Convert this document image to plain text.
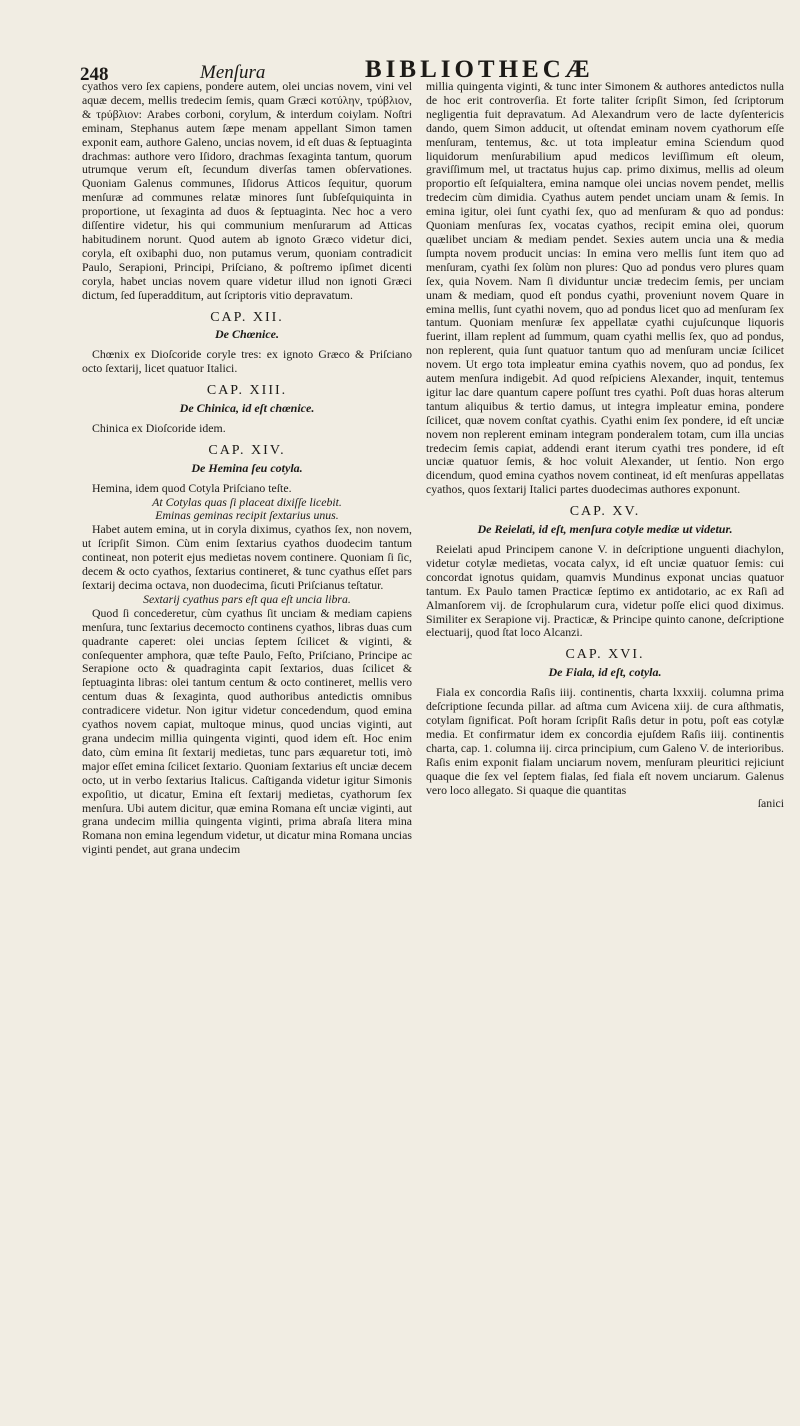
248	Menſura	BIBLIOTHECÆ

cyathos vero ſex capiens, pondere autem, olei uncias novem, vini vel aquæ decem, mellis tredecim ſemis, quam Græci κοτύλην, τρύβλιον, & τρύβλιον: Arabes corboni, corylum, & interdum coiylam. Noſtri eminam, Stephanus autem ſæpe menam appellant Simon tamen exponit eam, authore Galeno, uncias novem, id eſt duas & ſeptuaginta drachmas: authore vero Iſidoro, drachmas ſexaginta tantum, quorum utrumque verum eſt, ſecundum diverſas tamen obſervationes. Quoniam Galenus communes, Iſidorus Atticos ſequitur, quorum menſuræ ad communes relatæ minores ſunt ſubſeſquiquinta in proportione, ut ſexaginta ad duos & ſeptuaginta. Nec hoc a vero diſſentire videtur, his qui communium menſurarum ad Atticas habitudinem norunt. Quod autem ab ignoto Græco videtur dici, coryla, eſt oxibaphi duo, non putamus verum, quoniam contradicit Paulo, Serapioni, Principi, Priſciano, & poſtremo ipſimet dicenti coryla, habet uncias novem quare videtur illud non ignoti Græci dictum, ſed ſuperadditum, aut ſcriptoris vitio depravatum.

CAP. XII.
De Chœnice.

Chœnix ex Dioſcoride coryle tres: ex ignoto Græco & Priſciano octo ſextarij, licet quatuor Italici.

CAP. XIII.
De Chinica, id eſt chœnice.

Chinica ex Dioſcoride idem.

CAP. XIV.
De Hemina ſeu cotyla.

Hemina, idem quod Cotyla Priſciano teſte.

At Cotylas quas ſi placeat dixiſſe licebit.
Eminas geminas recipit ſextarius unus.

Habet autem emina, ut in coryla diximus, cyathos ſex, non novem, ut ſcripſit Simon. Cùm enim ſextarius cyathos duodecim tantum contineat, non poterit ejus medietas novem continere. Quoniam ſi ſic, decem & octo cyathos, ſextarius contineret, & tunc cyathus eſſet pars ſextarij decima octava, non duodecima, ſicuti Priſcianus teſtatur.

Sextarij cyathus pars eſt qua eſt uncia libra.

Quod ſi concederetur, cùm cyathus ſit unciam & mediam capiens menſura, tunc ſextarius decemocto continens cyathos, libras duas cum quadrante caperet: olei uncias ſeptem ſcilicet & viginti, & conſequenter amphora, quæ teſte Paulo, Feſto, Priſciano, Principe ac Serapione octo & quadraginta capit ſextarios, duas ſcilicet & ſeptuaginta libras: olei tantum centum & octo contineret, mellis vero centum duas & ſexaginta, quod authoribus antedictis omnibus contradicere videtur. Non igitur videtur concedendum, quod emina cyathos novem capiat, multoque minus, quod uncias viginti, aut grana undecim millia quingenta viginti, quod idem eſt. Hoc enim dato, cùm emina ſit ſextarij medietas, tunc pars æquaretur toti, imò major eſſet emina ſcilicet ſextario. Quoniam ſextarius eſt unciæ decem octo, ut in verbo ſextarius Italicus. Caſtiganda videtur igitur Simonis expoſitio, ut dicatur, Emina eſt ſextarij medietas, cyathorum ſex menſura. Ubi autem dicitur, quæ emina Romana eſt unciæ viginti, aut grana undecim millia quingenta viginti, prima abraſa litera mina Romana non emina legendum videtur, ut dicatur mina Romana uncias viginti pendet, aut grana undecim

millia quingenta viginti, & tunc inter Simonem & authores antedictos nulla de hoc erit controverſia. Et forte taliter ſcripſit Simon, ſed ſcriptorum negligentia fuit depravatum. Ad Alexandrum vero de lacte dyſentericis dando, quem Simon adducit, ut oſtendat eminam novem cyathorum eſſe menſuram, tentemus, &c. ut tota impleatur emina Sciendum quod liquidorum menſurabilium apud medicos leviſſimum eſt oleum, graviſſimum mel, ut tractatus hujus cap. primo diximus, mellis ad oleum proportio eſt ſeſquialtera, emina namque olei uncias novem pendet, mellis tredecim cùm dimidia. Cyathus autem pendet unciam unam & ſemis. In emina igitur, olei ſunt cyathi ſex, quo ad menſuram & quo ad pondus: Quoniam menſuras ſex, vocatas cyathos, recipit emina olei, quorum quælibet unciam & mediam pendet. Sexies autem uncia una & media ſumpta novem producit uncias: In emina vero mellis ſunt item quo ad menſuram, cyathi ſex ſolùm non plures: Quo ad pondus vero plures quam ſex, quia Novem. Nam ſi dividuntur unciæ tredecim ſemis, per unciam unam & mediam, quod eſt pondus cyathi, proveniunt novem Quare in emina mellis, ſunt cyathi novem, quo ad pondus licet quo ad menſuram ſex tantum. Quoniam menſuræ ſex appellatæ cyathi cujuſcunque liquoris fuerint, illam replent ad ſummum, quam cyathi mellis ſex, quo ad pondus, non replerent, quia ſunt quatuor tantum quo ad menſuram unciæ ſcilicet novem. Ut ergo tota impleatur emina cyathis novem, quo ad pondus, ſex autem menſura indigebit. Ad quod reſpiciens Alexander, inquit, tentemus igitur lac dare quantum capere poſſunt tres cyathi. Poſt duas horas alterum tantum aliquibus & tertio damus, ut integra impleatur emina, pondere ſcilicet, quæ novem conſtat cyathis. Cyathi enim ſex pondere, id eſt unciæ novem non replerent eminam integram ponderalem totam, cum illa uncias tredecim ſemis capiat, addendi erant iterum cyathi tres pondere, id eſt unciæ quatuor ſemis, & hoc voluit Alexander, ut ſentio. Non ergo dicendum, quod emina cyathos novem contineat, id eſt menſuras appellatas cyathos, quos ſextarij Italici partes duodecimas authores exponunt.

CAP. XV.
De Reielati, id eſt, menſura cotyle mediæ ut videtur.

Reielati apud Principem canone V. in deſcriptione unguenti diachylon, videtur cotylæ medietas, vocata calyx, id eſt unciæ quatuor ſemis: cui concordat ignotus quidam, quamvis Mundinus exponat uncias quatuor tantum. Ex Paulo tamen Practicæ ſeptimo ex antidotario, ac ex Raſi ad Almanſorem vij. de ſcrophularum cura, videtur poſſe elici quod diximus. Similiter ex Serapione vij. Practicæ, & Principe quinto canone, deſcriptione electuarij, quod ſtat loco Alcanzi.

CAP. XVI.
De Fiala, id eſt, cotyla.

Fiala ex concordia Raſis iiij. continentis, charta lxxxiij. columna prima deſcriptione ſecunda pillar. ad aſtma cum Avicena xiij. de cura aſthmatis, cotylam ſignificat. Poſt horam ſcripſit Raſis detur in potu, poſt eas cotylæ media. Et confirmatur idem ex concordia ejuſdem Raſis iiij. continentis charta, cap. 1. columna iij. circa principium, cum Galeno V. de interioribus. Raſis enim exponit fialam unciarum novem, menſuram pleuritici rejiciunt quaque die ſex vel ſeptem fialas, ſed fiala eſt novem unciarum. Galenus vero loco allegato. Si quaque die quantitas

ſanici
